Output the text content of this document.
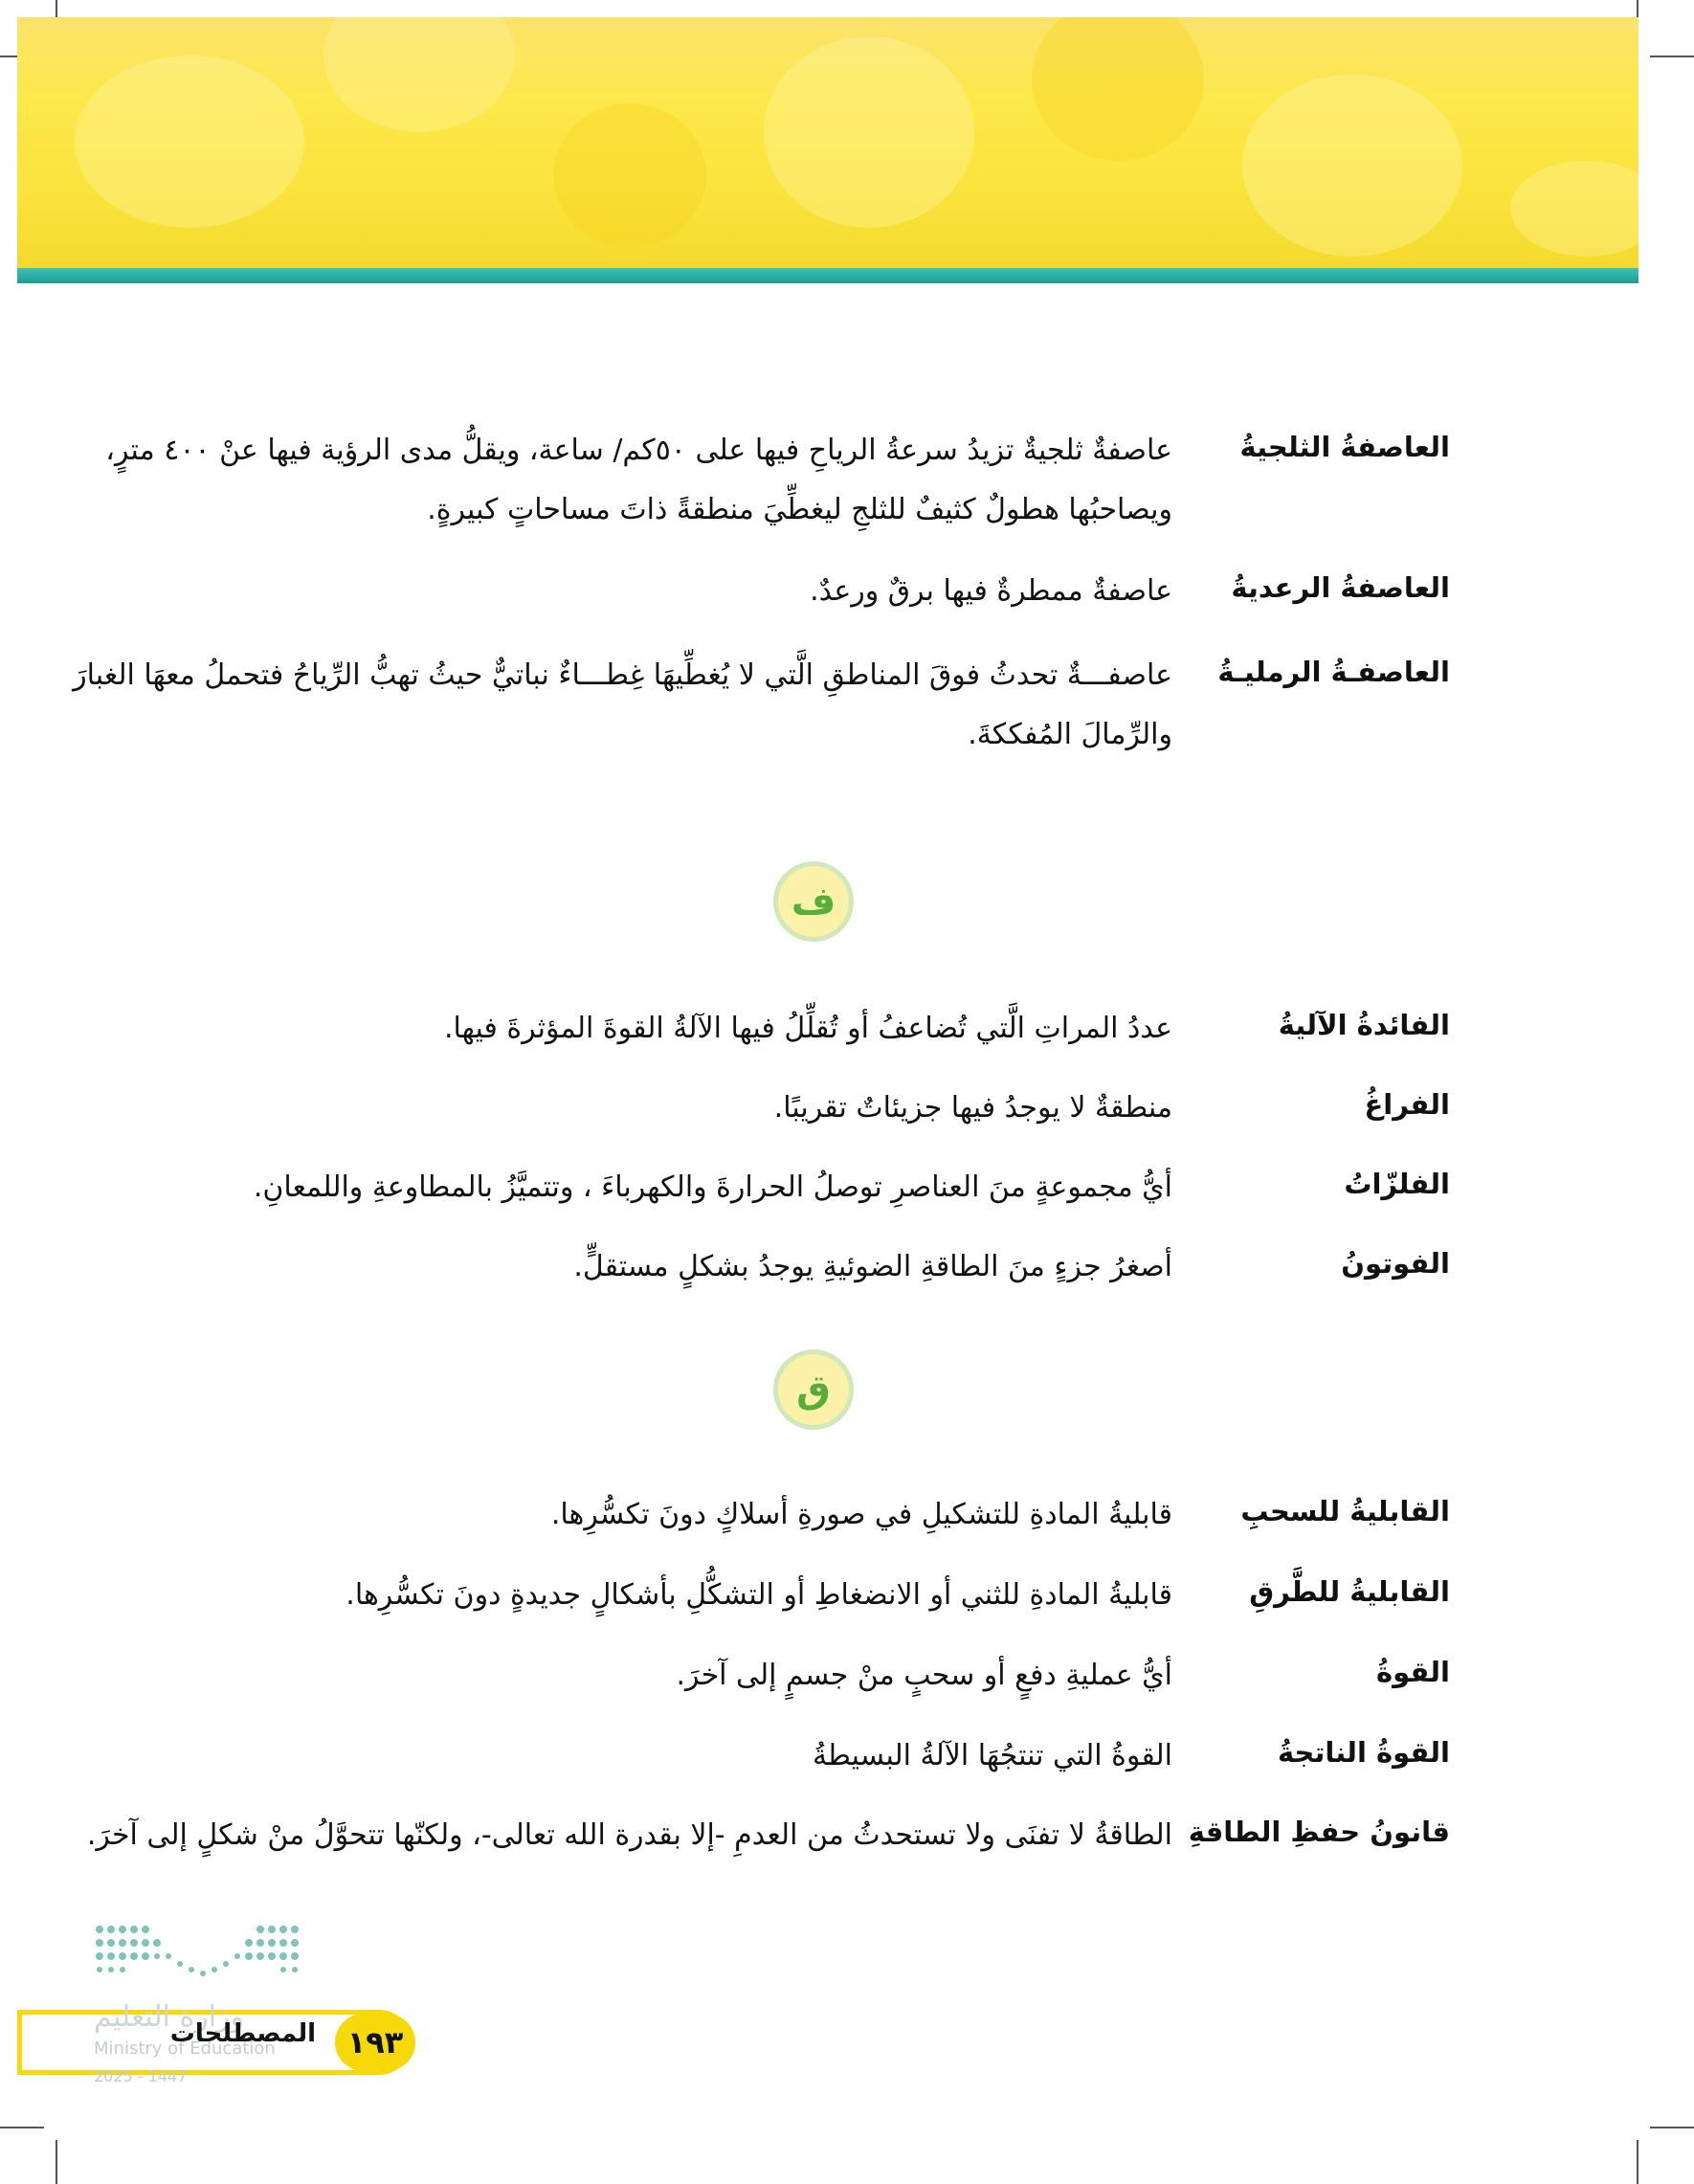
العاصفةُ الثلجيةُ
عاصفةٌ ثلجيةٌ تزيدُ سرعةُ الرياحِ فيها على ٥٠كم/ ساعة، ويقلُّ مدى الرؤية فيها عنْ ٤٠٠ مترٍ، ويصاحبُها هطولٌ كثيفٌ للثلجِ ليغطِّيَ منطقةً ذاتَ مساحاتٍ كبيرةٍ.
العاصفةُ الرعديةُ
عاصفةٌ ممطرةٌ فيها برقٌ ورعدٌ.
العاصفـةُ الرمليـةُ
عاصفـــةٌ تحدثُ فوقَ المناطقِ الَّتي لا يُغطِّيهَا غِطـــاءٌ نباتيٌّ حيثُ تهبُّ الرِّياحُ فتحملُ معهَا الغبارَ والرِّمالَ المُفككةَ.
ف
الفائدةُ الآليةُ
عددُ المراتِ الَّتي تُضاعفُ أو تُقلِّلُ فيها الآلةُ القوةَ المؤثرةَ فيها.
الفراغُ
منطقةٌ لا يوجدُ فيها جزيئاتٌ تقريبًا.
الفلزّاتُ
أيُّ مجموعةٍ منَ العناصرِ توصلُ الحرارةَ والكهرباءَ ، وتتميَّزُ بالمطاوعةِ واللمعانِ.
الفوتونُ
أصغرُ جزءٍ منَ الطاقةِ الضوئيةِ يوجدُ بشكلٍ مستقلٍّ.
ق
القابليةُ للسحبِ
قابليةُ المادةِ للتشكيلِ في صورةِ أسلاكٍ دونَ تكسُّرِها.
القابليةُ للطَّرقِ
قابليةُ المادةِ للثني أو الانضغاطِ أو التشكُّلِ بأشكالٍ جديدةٍ دونَ تكسُّرِها.
القوةُ
أيُّ عمليةِ دفعٍ أو سحبٍ منْ جسمٍ إلى آخرَ.
القوةُ الناتجةُ
القوةُ التي تنتجُهَا الآلةُ البسيطةُ
قانونُ حفظِ الطاقةِ
الطاقةُ لا تفنَى ولا تستحدثُ من العدمِ -إلا بقدرة الله تعالى-، ولكنّها تتحوَّلُ منْ شكلٍ إلى آخرَ.
وزارة التعليم
Ministry of Education
2025 - 1447
المصطلحات ١٩٣
